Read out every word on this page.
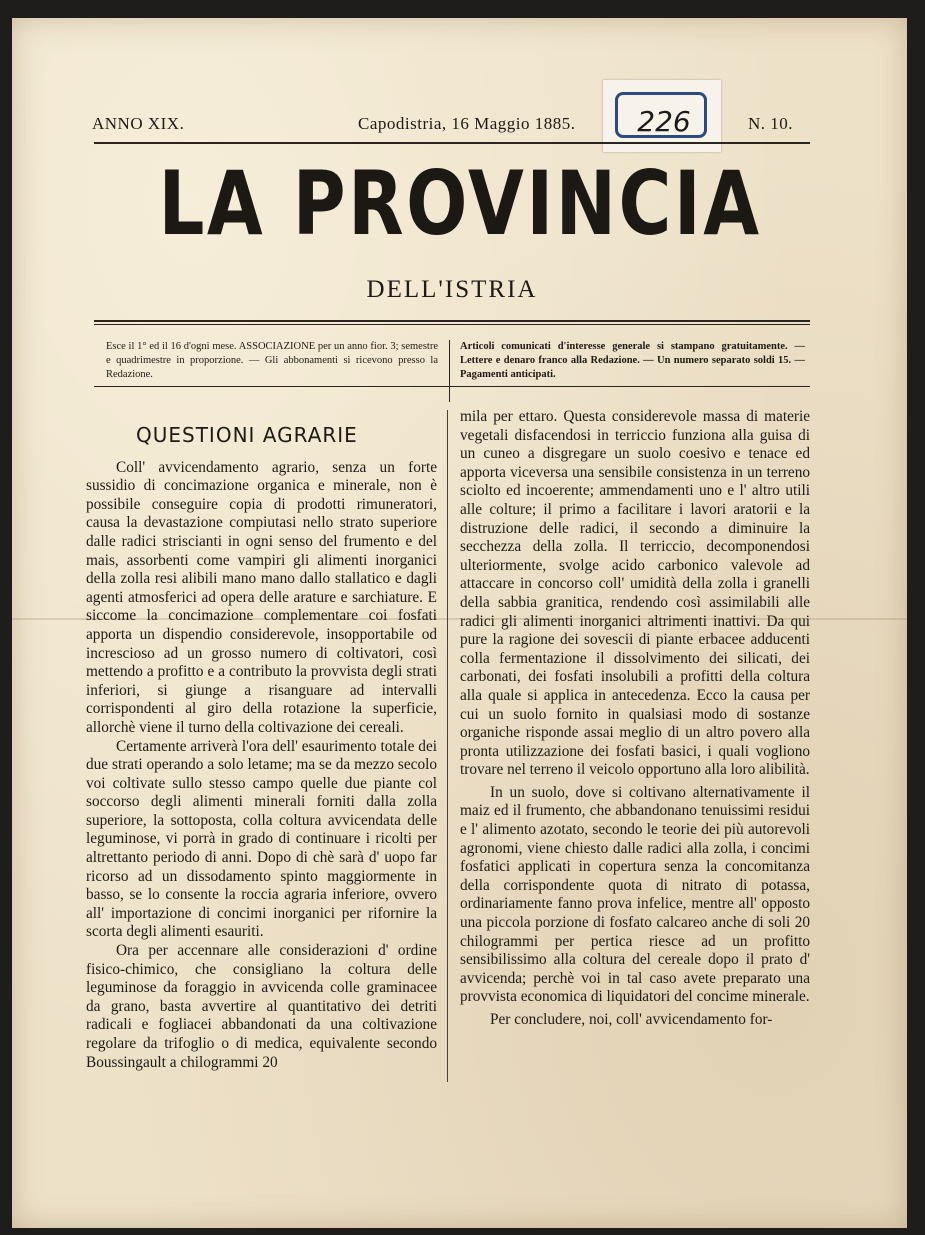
ANNO XIX.	Capodistria, 16 Maggio 1885.	N. 10.
226
LA PROVINCIA
DELL'ISTRIA
Esce il 1° ed il 16 d'ogni mese. ASSOCIAZIONE per un anno fior. 3; semestre e quadrimestre in proporzione. — Gli abbonamenti si ricevono presso la Redazione.
Articoli comunicati d'interesse generale si stampano gratuitamente. — Lettere e denaro franco alla Redazione. — Un numero separato soldi 15. — Pagamenti anticipati.
QUESTIONI AGRARIE

Coll' avvicendamento agrario, senza un forte sussidio di concimazione organica e minerale, non è possibile conseguire copia di prodotti rimuneratori, causa la devastazione compiutasi nello strato superiore dalle radici striscianti in ogni senso del frumento e del mais, assorbenti come vampiri gli alimenti inorganici della zolla resi alibili mano mano dallo stallatico e dagli agenti atmosferici ad opera delle arature e sarchiature. E siccome la concimazione complementare coi fosfati apporta un dispendio considerevole, insopportabile od increscioso ad un grosso numero di coltivatori, così mettendo a profitto e a contributo la provvista degli strati inferiori, si giunge a risanguare ad intervalli corrispondenti al giro della rotazione la superficie, allorchè viene il turno della coltivazione dei cereali.

Certamente arriverà l'ora dell' esaurimento totale dei due strati operando a solo letame; ma se da mezzo secolo voi coltivate sullo stesso campo quelle due piante col soccorso degli alimenti minerali forniti dalla zolla superiore, la sottoposta, colla coltura avvicendata delle leguminose, vi porrà in grado di continuare i ricolti per altrettanto periodo di anni. Dopo di chè sarà d' uopo far ricorso ad un dissodamento spinto maggiormente in basso, se lo consente la roccia agraria inferiore, ovvero all' importazione di concimi inorganici per rifornire la scorta degli alimenti esauriti.

Ora per accennare alle considerazioni d' ordine fisico-chimico, che consigliano la coltura delle leguminose da foraggio in avvicenda colle graminacee da grano, basta avvertire al quantitativo dei detriti radicali e fogliacei abbandonati da una coltivazione regolare da trifoglio o di medica, equivalente secondo Boussingault a chilogrammi 20

mila per ettaro. Questa considerevole massa di materie vegetali disfacendosi in terriccio funziona alla guisa di un cuneo a disgregare un suolo coesivo e tenace ed apporta viceversa una sensibile consistenza in un terreno sciolto ed incoerente; ammendamenti uno e l' altro utili alle colture; il primo a facilitare i lavori aratorii e la distruzione delle radici, il secondo a diminuire la secchezza della zolla. Il terriccio, decomponendosi ulteriormente, svolge acido carbonico valevole ad attaccare in concorso coll' umidità della zolla i granelli della sabbia granitica, rendendo così assimilabili alle radici gli alimenti inorganici altrimenti inattivi. Da qui pure la ragione dei sovescii di piante erbacee adducenti colla fermentazione il dissolvimento dei silicati, dei carbonati, dei fosfati insolubili a profitti della coltura alla quale si applica in antecedenza. Ecco la causa per cui un suolo fornito in qualsiasi modo di sostanze organiche risponde assai meglio di un altro povero alla pronta utilizzazione dei fosfati basici, i quali vogliono trovare nel terreno il veicolo opportuno alla loro alibilità.

In un suolo, dove si coltivano alternativamente il maiz ed il frumento, che abbandonano tenuissimi residui e l' alimento azotato, secondo le teorie dei più autorevoli agronomi, viene chiesto dalle radici alla zolla, i concimi fosfatici applicati in copertura senza la concomitanza della corrispondente quota di nitrato di potassa, ordinariamente fanno prova infelice, mentre all' opposto una piccola porzione di fosfato calcareo anche di soli 20 chilogrammi per pertica riesce ad un profitto sensibilissimo alla coltura del cereale dopo il prato d' avvicenda; perchè voi in tal caso avete preparato una provvista economica di liquidatori del concime minerale.

Per concludere, noi, coll' avvicendamento for-
